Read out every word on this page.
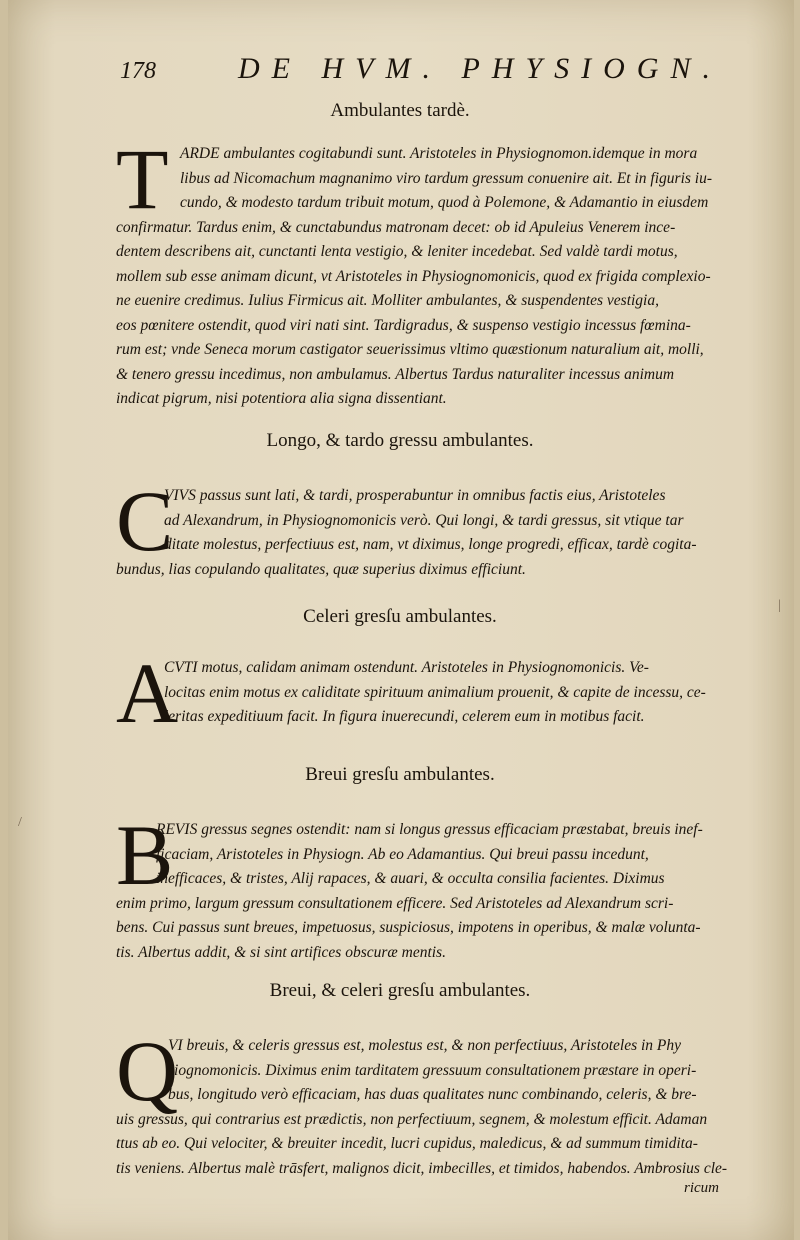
178	DE HVM. PHYSIOGN.
Ambulantes tardè.
T ARDE ambulantes cogitabundi sunt. Aristoteles in Physiognomon.idemque in mora
libus ad Nicomachum magnanimo viro tardum gressum conuenire ait. Et in figuris iu-
cundo, & modesto tardum tribuit motum, quod à Polemone, & Adamantio in eiusdem
confirmatur. Tardus enim, & cunctabundus matronam decet: ob id Apuleius Venerem ince-
dentem describens ait, cunctanti lenta vestigio, & leniter incedebat. Sed valdè tardi motus,
mollem sub esse animam dicunt, vt Aristoteles in Physiognomonicis, quod ex frigida complexio-
ne euenire credimus. Iulius Firmicus ait. Molliter ambulantes, & suspendentes vestigia,
eos pœnitere ostendit, quod viri nati sint. Tardigradus, & suspenso vestigio incessus fœmina-
rum est; vnde Seneca morum castigator seuerissimus vltimo quæstionum naturalium ait, molli,
& tenero gressu incedimus, non ambulamus. Albertus Tardus naturaliter incessus animum
indicat pigrum, nisi potentiora alia signa dissentiant.
Longo, & tardo gressu ambulantes.
C
VIVS passus sunt lati, & tardi, prosperabuntur in omnibus factis eius, Aristoteles
ad Alexandrum, in Physiognomonicis verò. Qui longi, & tardi gressus, sit vtique tar
ditate molestus, perfectiuus est, nam, vt diximus, longe progredi, efficax, tardè cogita-
bundus, lias copulando qualitates, quæ superius diximus efficiunt.
Celeri gresſu ambulantes.
A
CVTI motus, calidam animam ostendunt. Aristoteles in Physiognomonicis. Ve-
locitas enim motus ex caliditate spirituum animalium prouenit, & capite de incessu, ce-
leritas expeditiuum facit. In figura inuerecundi, celerem eum in motibus facit.
Breui gresſu ambulantes.
B
REVIS gressus segnes ostendit: nam si longus gressus efficaciam præstabat, breuis inef-
ficaciam, Aristoteles in Physiogn. Ab eo Adamantius. Qui breui passu incedunt,
inefficaces, & tristes, Alij rapaces, & auari, & occulta consilia facientes. Diximus
enim primo, largum gressum consultationem efficere. Sed Aristoteles ad Alexandrum scri-
bens. Cui passus sunt breues, impetuosus, suspiciosus, impotens in operibus, & malæ volunta-
tis. Albertus addit, & si sint artifices obscuræ mentis.
Breui, & celeri gresſu ambulantes.
Q
VI breuis, & celeris gressus est, molestus est, & non perfectiuus, Aristoteles in Phy
siognomonicis. Diximus enim tarditatem gressuum consultationem præstare in operi-
bus, longitudo verò efficaciam, has duas qualitates nunc combinando, celeris, & bre-
uis gressus, qui contrarius est prædictis, non perfectiuum, segnem, & molestum efficit. Adaman
ttus ab eo. Qui velociter, & breuiter incedit, lucri cupidus, maledicus, & ad summum timidita-
tis veniens. Albertus malè trāsfert, malignos dicit, imbecilles, et timidos, habendos. Ambrosius cle-
ricum
/
|
